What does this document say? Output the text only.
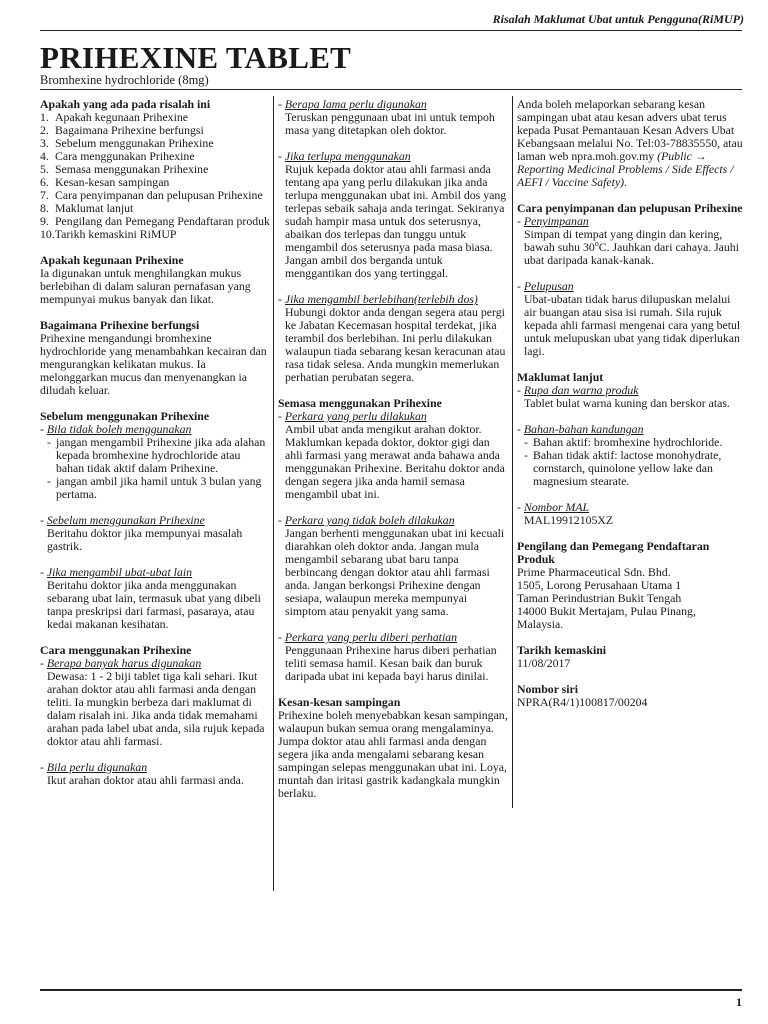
Risalah Maklumat Ubat untuk Pengguna(RiMUP)
PRIHEXINE TABLET
Bromhexine hydrochloride (8mg)
Apakah yang ada pada risalah ini
1. Apakah kegunaan Prihexine
2. Bagaimana Prihexine berfungsi
3. Sebelum menggunakan Prihexine
4. Cara menggunakan Prihexine
5. Semasa menggunakan Prihexine
6. Kesan-kesan sampingan
7. Cara penyimpanan dan pelupusan Prihexine
8. Maklumat lanjut
9. Pengilang dan Pemegang Pendaftaran produk
10. Tarikh kemaskini RiMUP
Apakah kegunaan Prihexine
Ia digunakan untuk menghilangkan mukus berlebihan di dalam saluran pernafasan yang mempunyai mukus banyak dan likat.
Bagaimana Prihexine berfungsi
Prihexine mengandungi bromhexine hydrochloride yang menambahkan kecairan dan mengurangkan kelikatan mukus. Ia melonggarkan mucus dan menyenangkan ia diludah keluar.
Sebelum menggunakan Prihexine
- Bila tidak boleh menggunakan
- jangan mengambil Prihexine jika ada alahan kepada bromhexine hydrochloride atau bahan tidak aktif dalam Prihexine.
- jangan ambil jika hamil untuk 3 bulan yang pertama.
- Sebelum menggunakan Prihexine
Beritahu doktor jika mempunyai masalah gastrik.
- Jika mengambil ubat-ubat lain
Beritahu doktor jika anda menggunakan sebarang ubat lain, termasuk ubat yang dibeli tanpa preskripsi dari farmasi, pasaraya, atau kedai makanan kesihatan.
Cara menggunakan Prihexine
- Berapa banyak harus digunakan
Dewasa: 1 - 2 biji tablet tiga kali sehari. Ikut arahan doktor atau ahli farmasi anda dengan teliti. Ia mungkin berbeza dari maklumat di dalam risalah ini. Jika anda tidak memahami arahan pada label ubat anda, sila rujuk kepada doktor atau ahli farmasi.
- Bila perlu digunakan
Ikut arahan doktor atau ahli farmasi anda.
- Berapa lama perlu digunakan
Teruskan penggunaan ubat ini untuk tempoh masa yang ditetapkan oleh doktor.
- Jika terlupa menggunakan
Rujuk kepada doktor atau ahli farmasi anda tentang apa yang perlu dilakukan jika anda terlupa menggunakan ubat ini. Ambil dos yang terlepas sebaik sahaja anda teringat. Sekiranya sudah hampir masa untuk dos seterusnya, abaikan dos terlepas dan tunggu untuk mengambil dos seterusnya pada masa biasa. Jangan ambil dos berganda untuk menggantikan dos yang tertinggal.
- Jika mengambil berlebihan(terlebih dos)
Hubungi doktor anda dengan segera atau pergi ke Jabatan Kecemasan hospital terdekat, jika terambil dos berlebihan. Ini perlu dilakukan walaupun tiada sebarang kesan keracunan atau rasa tidak selesa. Anda mungkin memerlukan perhatian perubatan segera.
Semasa menggunakan Prihexine
- Perkara yang perlu dilakukan
Ambil ubat anda mengikut arahan doktor. Maklumkan kepada doktor, doktor gigi dan ahli farmasi yang merawat anda bahawa anda menggunakan Prihexine. Beritahu doktor anda dengan segera jika anda hamil semasa mengambil ubat ini.
- Perkara yang tidak boleh dilakukan
Jangan berhenti menggunakan ubat ini kecuali diarahkan oleh doktor anda. Jangan mula mengambil sebarang ubat baru tanpa berbincang dengan doktor atau ahli farmasi anda. Jangan berkongsi Prihexine dengan sesiapa, walaupun mereka mempunyai simptom atau penyakit yang sama.
- Perkara yang perlu diberi perhatian
Penggunaan Prihexine harus diberi perhatian teliti semasa hamil. Kesan baik dan buruk daripada ubat ini kepada bayi harus dinilai.
Kesan-kesan sampingan
Prihexine boleh menyebabkan kesan sampingan, walaupun bukan semua orang mengalaminya. Jumpa doktor atau ahli farmasi anda dengan segera jika anda mengalami sebarang kesan sampingan selepas menggunakan ubat ini. Loya, muntah dan iritasi gastrik kadangkala mungkin berlaku.
Anda boleh melaporkan sebarang kesan sampingan ubat atau kesan advers ubat terus kepada Pusat Pemantauan Kesan Advers Ubat Kebangsaan melalui No. Tel:03-78835550, atau laman web npra.moh.gov.my (Public → Reporting Medicinal Problems / Side Effects / AEFI / Vaccine Safety).
Cara penyimpanan dan pelupusan Prihexine
- Penyimpanan
Simpan di tempat yang dingin dan kering, bawah suhu 30$^o$C. Jauhkan dari cahaya. Jauhi ubat daripada kanak-kanak.
- Pelupusan
Ubat-ubatan tidak harus dilupuskan melalui air buangan atau sisa isi rumah. Sila rujuk kepada ahli farmasi mengenai cara yang betul untuk melupuskan ubat yang tidak diperlukan lagi.
Maklumat lanjut
- Rupa dan warna produk
Tablet bulat warna kuning dan berskor atas.
- Bahan-bahan kandungan
- Bahan aktif: bromhexine hydrochloride.
- Bahan tidak aktif: lactose monohydrate, cornstarch, quinolone yellow lake dan magnesium stearate.
- Nombor MAL
MAL19912105XZ
Pengilang dan Pemegang Pendaftaran Produk
Prime Pharmaceutical Sdn. Bhd.
1505, Lorong Perusahaan Utama 1
Taman Perindustrian Bukit Tengah
14000 Bukit Mertajam, Pulau Pinang, Malaysia.
Tarikh kemaskini
11/08/2017
Nombor siri
NPRA(R4/1)100817/00204
1
